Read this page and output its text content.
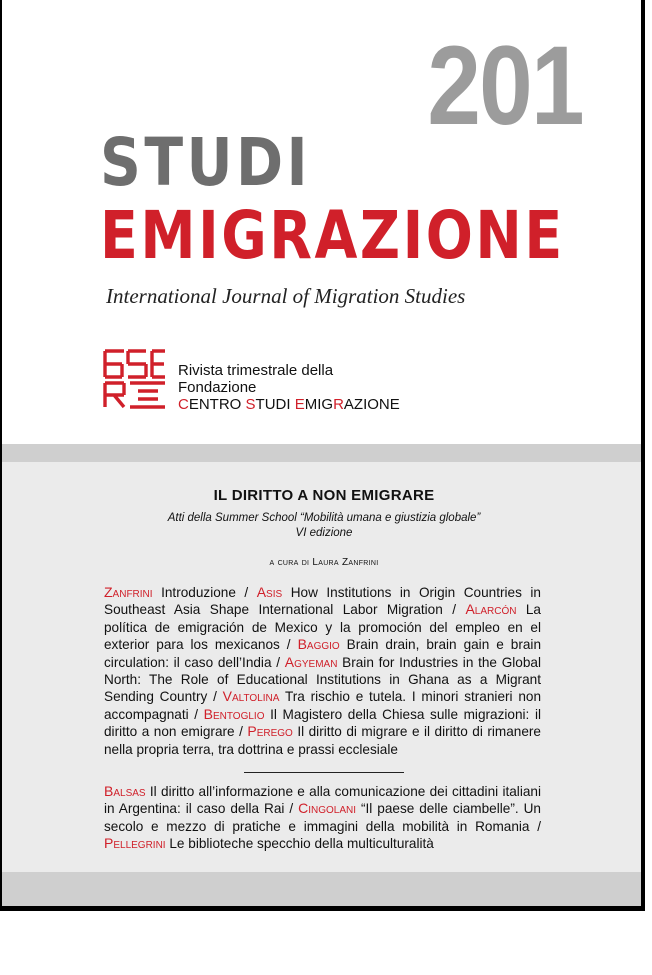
201
STUDI
EMIGRAZIONE
International Journal of Migration Studies
Rivista trimestrale della
Fondazione
CENTRO STUDI EMIGRAZIONE
IL DIRITTO A NON EMIGRARE
Atti della Summer School “Mobilità umana e giustizia globale”
VI edizione
a cura di Laura Zanfrini
Zanfrini Introduzione / Asis How Institutions in Origin Countries in Southeast Asia Shape International Labor Migration / Alarcón La política de emigración de Mexico y la promoción del empleo en el exterior para los mexicanos / Baggio Brain drain, brain gain e brain circulation: il caso dell’India / Agyeman Brain for Industries in the Global North: The Role of Educational Institutions in Ghana as a Migrant Sending Country / Valtolina Tra rischio e tutela. I minori stranieri non accompagnati / Bentoglio Il Magistero della Chiesa sulle migrazioni: il diritto a non emigrare / Perego Il diritto di migrare e il diritto di rimanere nella propria terra, tra dottrina e prassi ecclesiale
Balsas Il diritto all’informazione e alla comunicazione dei cittadini italiani in Argentina: il caso della Rai / Cingolani “Il paese delle ciambelle”. Un secolo e mezzo di pratiche e immagini della mobilità in Romania / Pellegrini Le biblioteche specchio della multiculturalità
